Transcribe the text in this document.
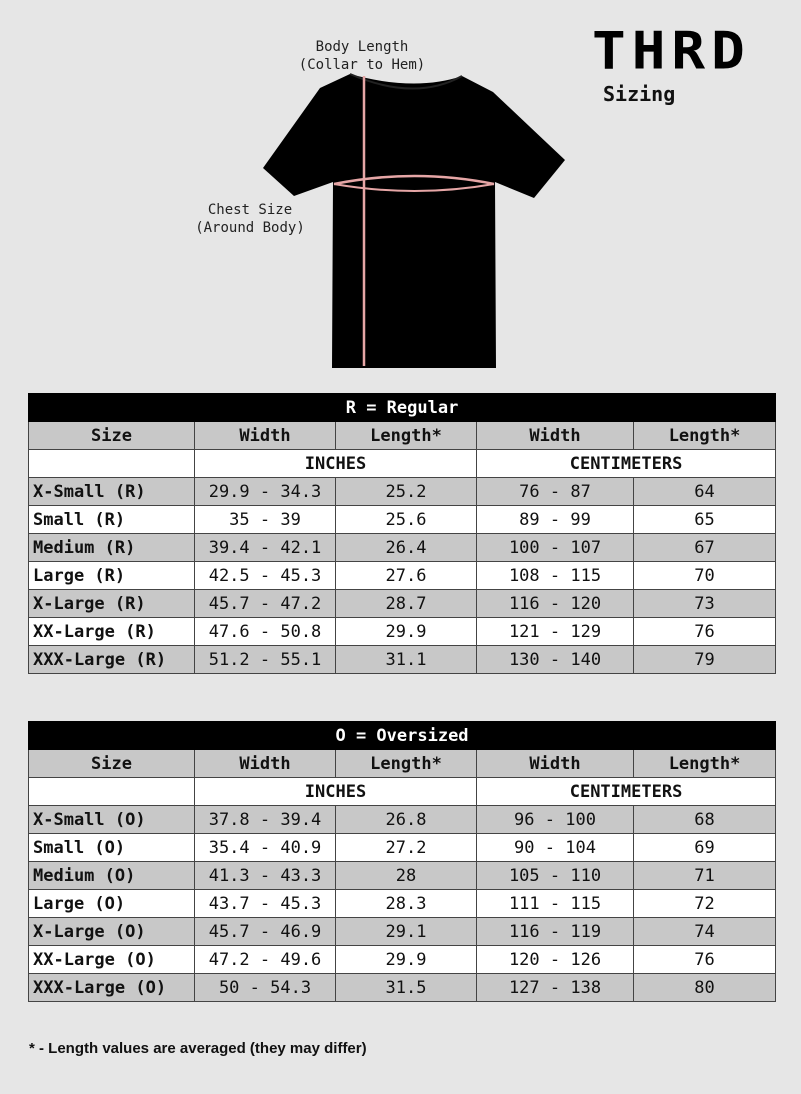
THRD
Sizing
Body Length
(Collar to Hem)
Chest Size
(Around Body)
R = Regular				
Size	Width	Length*	Width	Length*
	INCHES		CENTIMETERS	
X-Small (R)	29.9 - 34.3	25.2	76 - 87	64
Small (R)	35 - 39	25.6	89 - 99	65
Medium (R)	39.4 - 42.1	26.4	100 - 107	67
Large (R)	42.5 - 45.3	27.6	108 - 115	70
X-Large (R)	45.7 - 47.2	28.7	116 - 120	73
XX-Large (R)	47.6 - 50.8	29.9	121 - 129	76
XXX-Large (R)	51.2 - 55.1	31.1	130 - 140	79
O = Oversized				
Size	Width	Length*	Width	Length*
	INCHES		CENTIMETERS	
X-Small (O)	37.8 - 39.4	26.8	96 - 100	68
Small (O)	35.4 - 40.9	27.2	90 - 104	69
Medium (O)	41.3 - 43.3	28	105 - 110	71
Large (O)	43.7 - 45.3	28.3	111 - 115	72
X-Large (O)	45.7 - 46.9	29.1	116 - 119	74
XX-Large (O)	47.2 - 49.6	29.9	120 - 126	76
XXX-Large (O)	50 - 54.3	31.5	127 - 138	80
* - Length values are averaged (they may differ)
